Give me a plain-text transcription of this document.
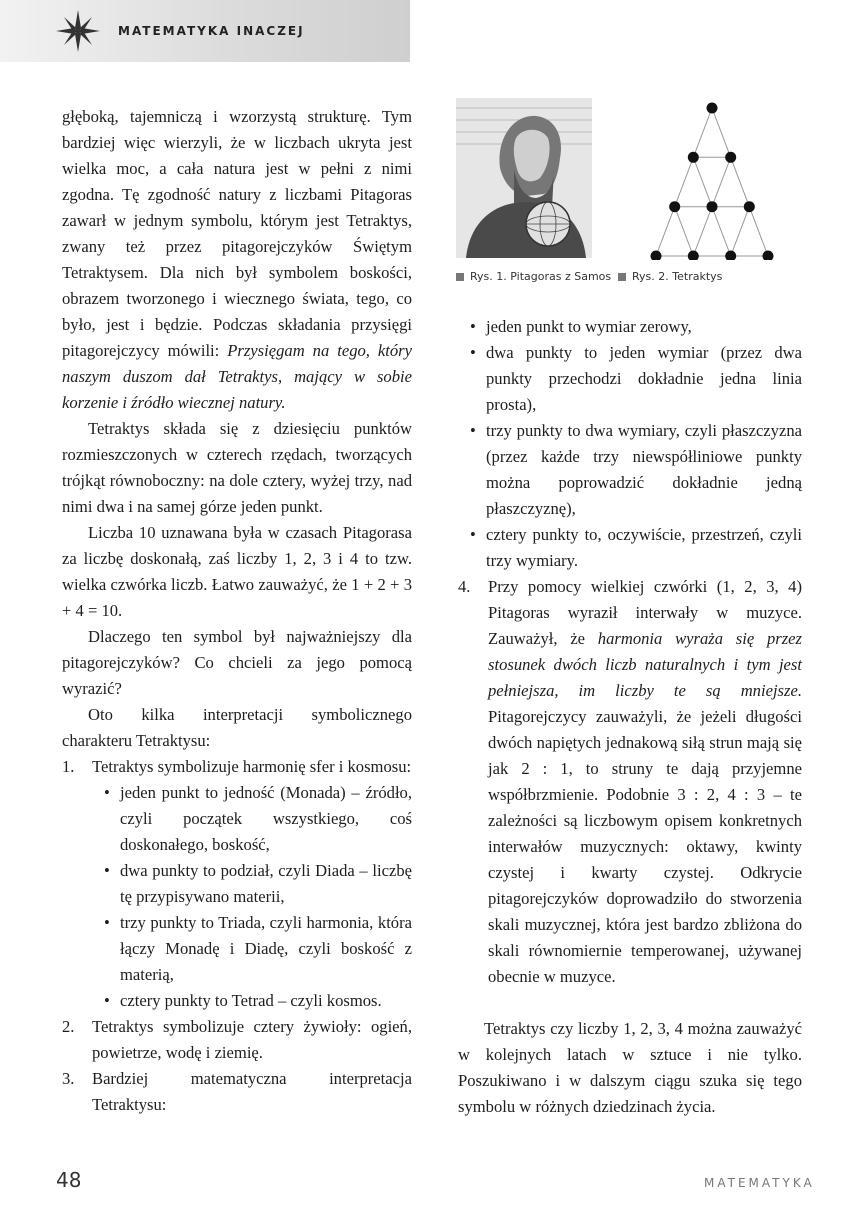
MATEMATYKA INACZEJ

głęboką, tajemniczą i wzorzystą strukturę. Tym bardziej więc wierzyli, że w liczbach ukryta jest wielka moc, a cała natura jest w pełni z nimi zgodna. Tę zgodność natury z liczbami Pitagoras zawarł w jednym symbolu, którym jest Tetraktys, zwany też przez pitagorejczyków Świętym Tetraktysem. Dla nich był symbolem boskości, obrazem tworzonego i wiecznego świata, tego, co było, jest i będzie. Podczas składania przysięgi pitagorejczycy mówili: Przysięgam na tego, który naszym duszom dał Tetraktys, mający w sobie korzenie i źródło wiecznej natury.

Tetraktys składa się z dziesięciu punktów rozmieszczonych w czterech rzędach, tworzących trójkąt równoboczny: na dole cztery, wyżej trzy, nad nimi dwa i na samej górze jeden punkt.

Liczba 10 uznawana była w czasach Pitagorasa za liczbę doskonałą, zaś liczby 1, 2, 3 i 4 to tzw. wielka czwórka liczb. Łatwo zauważyć, że 1 + 2 + 3 + 4 = 10.

Dlaczego ten symbol był najważniejszy dla pitagorejczyków? Co chcieli za jego pomocą wyrazić?

Oto kilka interpretacji symbolicznego charakteru Tetraktysu:

1. Tetraktys symbolizuje harmonię sfer i kosmosu:

• jeden punkt to jedność (Monada) – źródło, czyli początek wszystkiego, coś doskonałego, boskość,

• dwa punkty to podział, czyli Diada – liczbę tę przypisywano materii,

• trzy punkty to Triada, czyli harmonia, która łączy Monadę i Diadę, czyli boskość z materią,

• cztery punkty to Tetrad – czyli kosmos.

2. Tetraktys symbolizuje cztery żywioły: ogień, powietrze, wodę i ziemię.

3. Bardziej matematyczna interpretacja Tetraktysu:

Rys. 1. Pitagoras z Samos	Rys. 2. Tetraktys
• jeden punkt to wymiar zerowy,

• dwa punkty to jeden wymiar (przez dwa punkty przechodzi dokładnie jedna linia prosta),

• trzy punkty to dwa wymiary, czyli płaszczyzna (przez każde trzy niewspółliniowe punkty można poprowadzić dokładnie jedną płaszczyznę),

• cztery punkty to, oczywiście, przestrzeń, czyli trzy wymiary.

4. Przy pomocy wielkiej czwórki (1, 2, 3, 4) Pitagoras wyraził interwały w muzyce. Zauważył, że harmonia wyraża się przez stosunek dwóch liczb naturalnych i tym jest pełniejsza, im liczby te są mniejsze. Pitagorejczycy zauważyli, że jeżeli długości dwóch napiętych jednakową siłą strun mają się jak 2 : 1, to struny te dają przyjemne współbrzmienie. Podobnie 3 : 2, 4 : 3 – te zależności są liczbowym opisem konkretnych interwałów muzycznych: oktawy, kwinty czystej i kwarty czystej. Odkrycie pitagorejczyków doprowadziło do stworzenia skali muzycznej, która jest bardzo zbliżona do skali równomiernie temperowanej, używanej obecnie w muzyce.

Tetraktys czy liczby 1, 2, 3, 4 można zauważyć w kolejnych latach w sztuce i nie tylko. Poszukiwano i w dalszym ciągu szuka się tego symbolu w różnych dziedzinach życia.

48	MATEMATYKA
